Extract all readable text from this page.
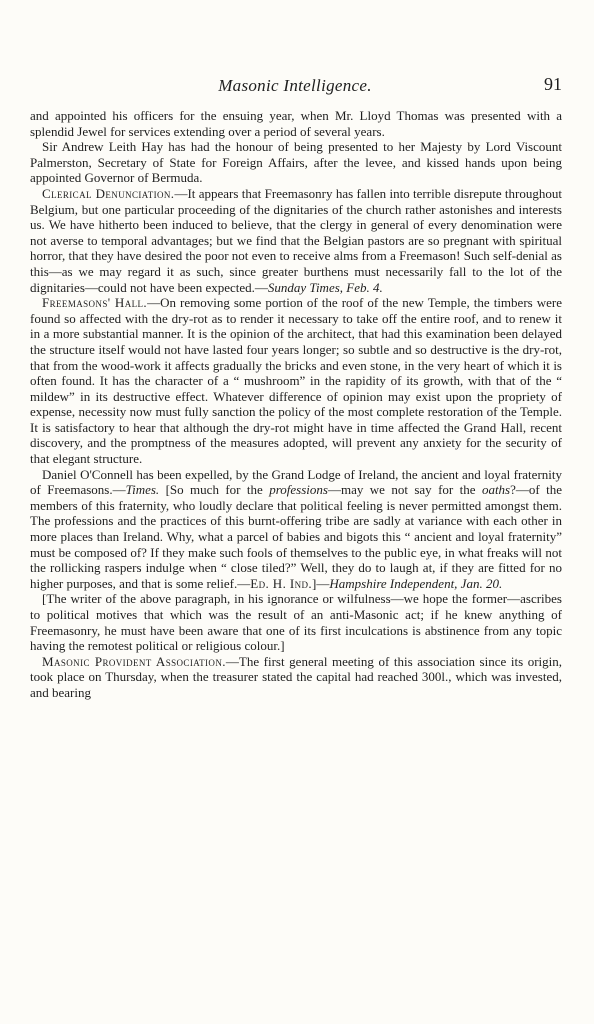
Masonic Intelligence.	91

and appointed his officers for the ensuing year, when Mr. Lloyd Thomas was presented with a splendid Jewel for services extending over a period of several years.

Sir Andrew Leith Hay has had the honour of being presented to her Majesty by Lord Viscount Palmerston, Secretary of State for Foreign Affairs, after the levee, and kissed hands upon being appointed Governor of Bermuda.

Clerical Denunciation.—It appears that Freemasonry has fallen into terrible disrepute throughout Belgium, but one particular proceeding of the dignitaries of the church rather astonishes and interests us. We have hitherto been induced to believe, that the clergy in general of every denomination were not averse to temporal advantages; but we find that the Belgian pastors are so pregnant with spiritual horror, that they have desired the poor not even to receive alms from a Freemason! Such self-denial as this—as we may regard it as such, since greater burthens must necessarily fall to the lot of the dignitaries—could not have been expected.—Sunday Times, Feb. 4.

Freemasons' Hall.—On removing some portion of the roof of the new Temple, the timbers were found so affected with the dry-rot as to render it necessary to take off the entire roof, and to renew it in a more substantial manner. It is the opinion of the architect, that had this examination been delayed the structure itself would not have lasted four years longer; so subtle and so destructive is the dry-rot, that from the wood-work it affects gradually the bricks and even stone, in the very heart of which it is often found. It has the character of a “ mushroom” in the rapidity of its growth, with that of the “ mildew” in its destructive effect. Whatever difference of opinion may exist upon the propriety of expense, necessity now must fully sanction the policy of the most complete restoration of the Temple. It is satisfactory to hear that although the dry-rot might have in time affected the Grand Hall, recent discovery, and the promptness of the measures adopted, will prevent any anxiety for the security of that elegant structure.

Daniel O'Connell has been expelled, by the Grand Lodge of Ireland, the ancient and loyal fraternity of Freemasons.—Times. [So much for the professions—may we not say for the oaths?—of the members of this fraternity, who loudly declare that political feeling is never permitted amongst them. The professions and the practices of this burnt-offering tribe are sadly at variance with each other in more places than Ireland. Why, what a parcel of babies and bigots this “ ancient and loyal fraternity” must be composed of? If they make such fools of themselves to the public eye, in what freaks will not the rollicking raspers indulge when “ close tiled?” Well, they do to laugh at, if they are fitted for no higher purposes, and that is some relief.—Ed. H. Ind.]—Hampshire Independent, Jan. 20.

[The writer of the above paragraph, in his ignorance or wilfulness—we hope the former—ascribes to political motives that which was the result of an anti-Masonic act; if he knew anything of Freemasonry, he must have been aware that one of its first inculcations is abstinence from any topic having the remotest political or religious colour.]

Masonic Provident Association.—The first general meeting of this association since its origin, took place on Thursday, when the treasurer stated the capital had reached 300l., which was invested, and bearing
